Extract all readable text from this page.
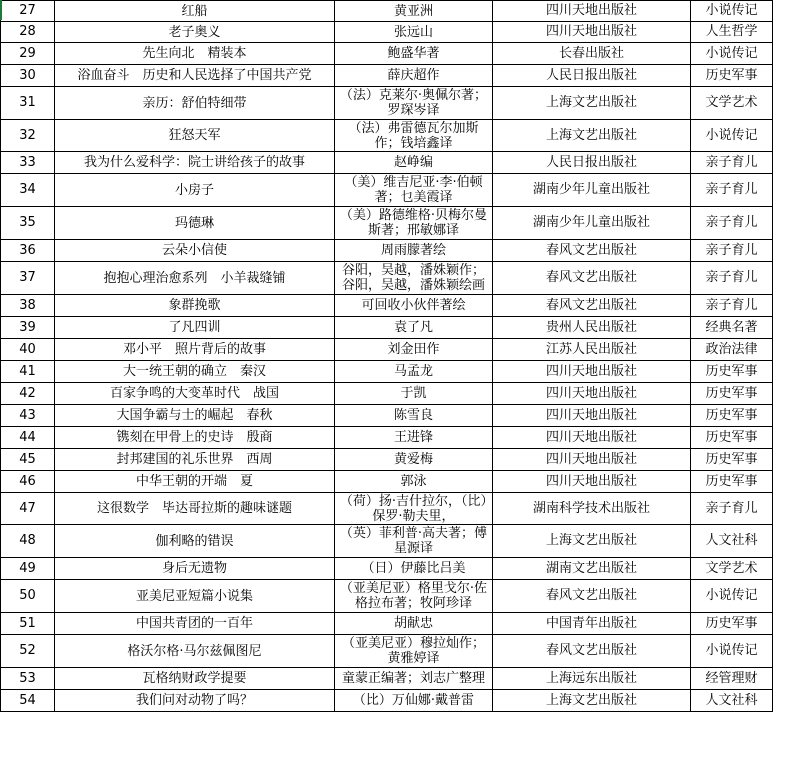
27	红船	黄亚洲	四川天地出版社	小说传记
28	老子奥义	张远山	四川天地出版社	人生哲学
29	先生向北　精装本	鲍盛华著	长春出版社	小说传记
30	浴血奋斗　历史和人民选择了中国共产党	薛庆超作	人民日报出版社	历史军事
31	亲历：舒伯特细带	（法）克莱尔·奥佩尔著；罗琛岑译	上海文艺出版社	文学艺术
32	狂怒天军	（法）弗雷德瓦尔加斯作；钱培鑫译	上海文艺出版社	小说传记
33	我为什么爱科学：院士讲给孩子的故事	赵峥编	人民日报出版社	亲子育儿
34	小房子	（美）维吉尼亚·李·伯顿著；乜美霞译	湖南少年儿童出版社	亲子育儿
35	玛德琳	（美）路德维格·贝梅尔曼斯著；邢敏娜译	湖南少年儿童出版社	亲子育儿
36	云朵小信使	周雨朦著绘	春风文艺出版社	亲子育儿
37	抱抱心理治愈系列　小羊裁缝铺	谷阳，吴越，潘姝颖作；谷阳，吴越，潘姝颖绘画	春风文艺出版社	亲子育儿
38	象群挽歌	可回收小伙伴著绘	春风文艺出版社	亲子育儿
39	了凡四训	袁了凡	贵州人民出版社	经典名著
40	邓小平　照片背后的故事	刘金田作	江苏人民出版社	政治法律
41	大一统王朝的确立　秦汉	马孟龙	四川天地出版社	历史军事
42	百家争鸣的大变革时代　战国	于凯	四川天地出版社	历史军事
43	大国争霸与士的崛起　春秋	陈雪良	四川天地出版社	历史军事
44	镌刻在甲骨上的史诗　殷商	王进锋	四川天地出版社	历史军事
45	封邦建国的礼乐世界　西周	黄爱梅	四川天地出版社	历史军事
46	中华王朝的开端　夏	郭泳	四川天地出版社	历史军事
47	这很数学　毕达哥拉斯的趣味谜题	（荷）扬·吉什拉尔，（比）保罗·勒夫里，	湖南科学技术出版社	亲子育儿
48	伽利略的错误	（英）菲利普·高夫著；傅星源译	上海文艺出版社	人文社科
49	身后无遗物	（日）伊藤比吕美	湖南文艺出版社	文学艺术
50	亚美尼亚短篇小说集	（亚美尼亚）格里戈尔·佐格拉布著；牧阿珍译	春风文艺出版社	小说传记
51	中国共青团的一百年	胡献忠	中国青年出版社	历史军事
52	格沃尔格·马尔兹佩图尼	（亚美尼亚）穆拉灿作；黄雅婷译	春风文艺出版社	小说传记
53	瓦格纳财政学提要	童蒙正编著；刘志广整理	上海远东出版社	经管理财
54	我们问对动物了吗？	（比）万仙娜·戴普雷	上海文艺出版社	人文社科
